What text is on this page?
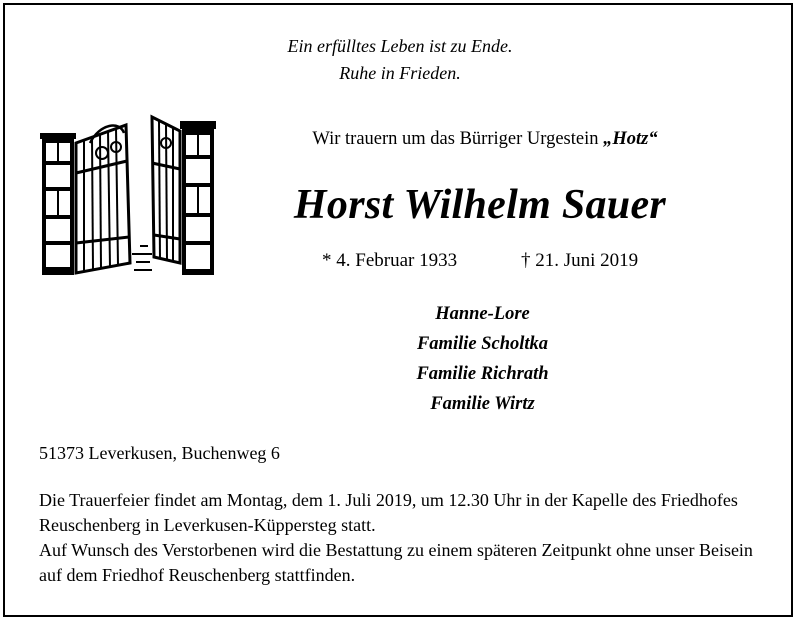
Ein erfülltes Leben ist zu Ende.
Ruhe in Frieden.
Wir trauern um das Bürriger Urgestein „Hotz“
Horst Wilhelm Sauer
* 4. Februar 1933	† 21. Juni 2019
Hanne-Lore
Familie Scholtka
Familie Richrath
Familie Wirtz
51373 Leverkusen, Buchenweg 6

Die Trauerfeier findet am Montag, dem 1. Juli 2019, um 12.30 Uhr in der Kapelle des Friedhofes

Reuschenberg in Leverkusen-Küppersteg statt.

Auf Wunsch des Verstorbenen wird die Bestattung zu einem späteren Zeitpunkt ohne unser Beisein

auf dem Friedhof Reuschenberg stattfinden.
